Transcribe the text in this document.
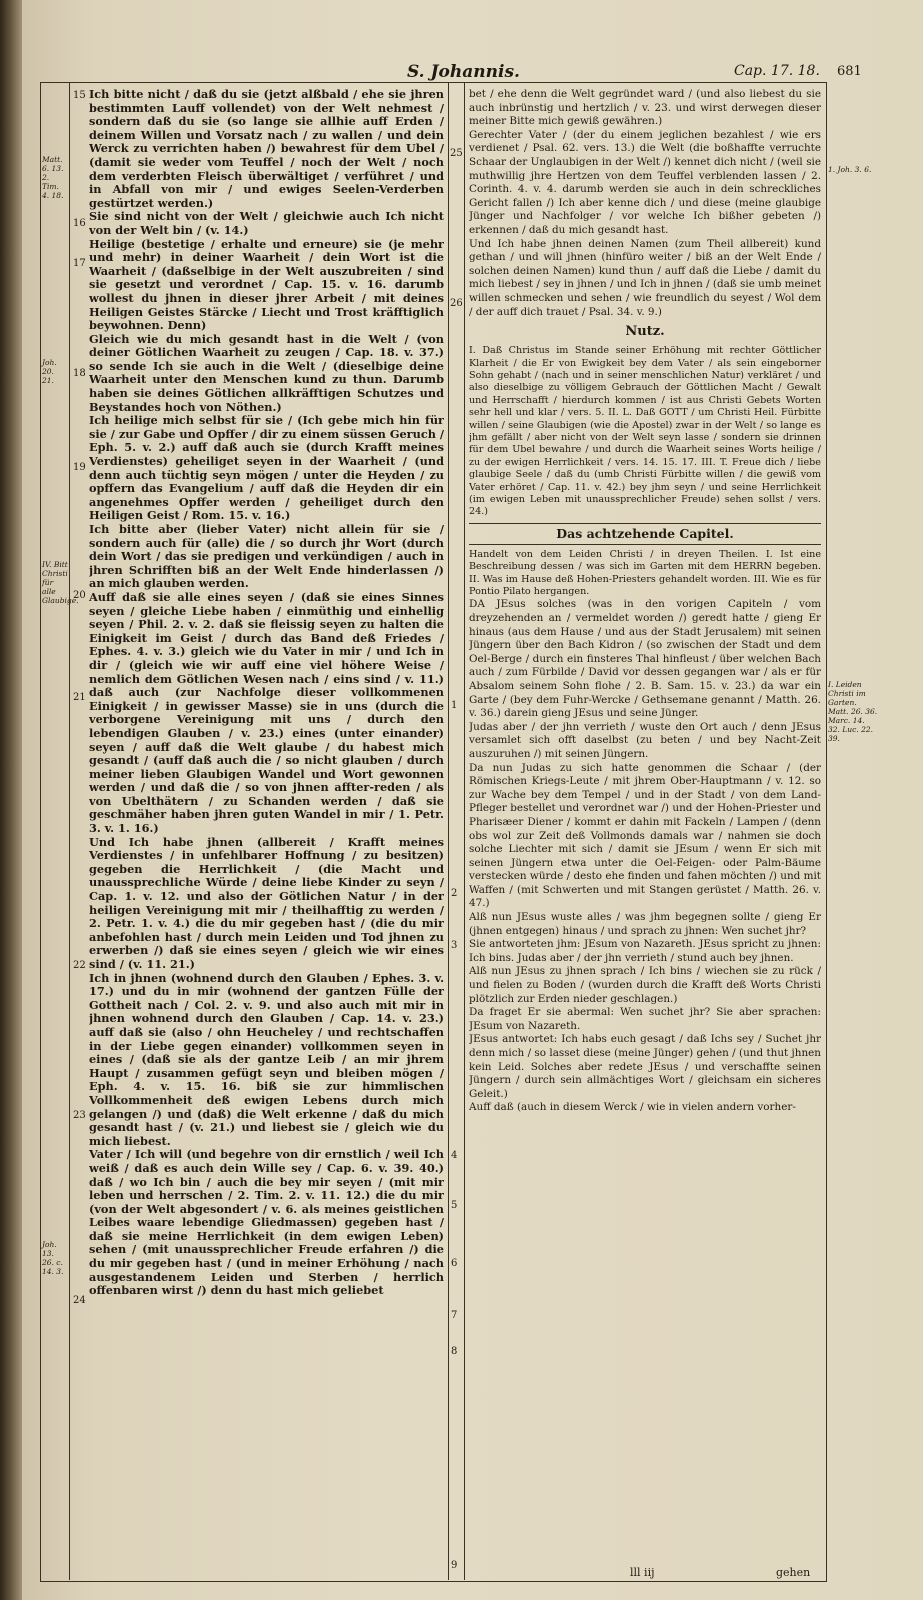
S. Johannis.	Cap. 17. 18. 681
Matt. 6. 13. 2. Tim. 4. 18.
Joh. 20. 21.
IV. Bitt Christi für alle Glaubige.
Joh. 13. 26. c. 14. 3.
15
16
17
18
19
20
21
22
23
24

Ich bitte nicht / daß du sie (jetzt alßbald / ehe sie jhren bestimmten Lauff vollendet) von der Welt nehmest / sondern daß du sie (so lange sie allhie auff Erden / deinem Willen und Vorsatz nach / zu wallen / und dein Werck zu verrichten haben /) bewahrest für dem Ubel / (damit sie weder vom Teuffel / noch der Welt / noch dem verderbten Fleisch überwältiget / verführet / und in Abfall von mir / und ewiges Seelen-Verderben gestürtzet werden.)

Sie sind nicht von der Welt / gleichwie auch Ich nicht von der Welt bin / (v. 14.)

Heilige (bestetige / erhalte und erneure) sie (je mehr und mehr) in deiner Waarheit / dein Wort ist die Waarheit / (daßselbige in der Welt auszubreiten / sind sie gesetzt und verordnet / Cap. 15. v. 16. darumb wollest du jhnen in dieser jhrer Arbeit / mit deines Heiligen Geistes Stärcke / Liecht und Trost kräfftiglich beywohnen. Denn)

Gleich wie du mich gesandt hast in die Welt / (von deiner Götlichen Waarheit zu zeugen / Cap. 18. v. 37.) so sende Ich sie auch in die Welt / (dieselbige deine Waarheit unter den Menschen kund zu thun. Darumb haben sie deines Götlichen allkräfftigen Schutzes und Beystandes hoch von Nöthen.)

Ich heilige mich selbst für sie / (Ich gebe mich hin für sie / zur Gabe und Opffer / dir zu einem süssen Geruch / Eph. 5. v. 2.) auff daß auch sie (durch Krafft meines Verdienstes) geheiliget seyen in der Waarheit / (und denn auch tüchtig seyn mögen / unter die Heyden / zu opffern das Evangelium / auff daß die Heyden dir ein angenehmes Opffer werden / geheiliget durch den Heiligen Geist / Rom. 15. v. 16.)

Ich bitte aber (lieber Vater) nicht allein für sie / sondern auch für (alle) die / so durch jhr Wort (durch dein Wort / das sie predigen und verkündigen / auch in jhren Schrifften biß an der Welt Ende hinderlassen /) an mich glauben werden.

Auff daß sie alle eines seyen / (daß sie eines Sinnes seyen / gleiche Liebe haben / einmüthig und einhellig seyen / Phil. 2. v. 2. daß sie fleissig seyen zu halten die Einigkeit im Geist / durch das Band deß Friedes / Ephes. 4. v. 3.) gleich wie du Vater in mir / und Ich in dir / (gleich wie wir auff eine viel höhere Weise / nemlich dem Götlichen Wesen nach / eins sind / v. 11.) daß auch (zur Nachfolge dieser vollkommenen Einigkeit / in gewisser Masse) sie in uns (durch die verborgene Vereinigung mit uns / durch den lebendigen Glauben / v. 23.) eines (unter einander) seyen / auff daß die Welt glaube / du habest mich gesandt / (auff daß auch die / so nicht glauben / durch meiner lieben Glaubigen Wandel und Wort gewonnen werden / und daß die / so von jhnen affter-reden / als von Ubelthätern / zu Schanden werden / daß sie geschmäher haben jhren guten Wandel in mir / 1. Petr. 3. v. 1. 16.)

Und Ich habe jhnen (allbereit / Krafft meines Verdienstes / in unfehlbarer Hoffnung / zu besitzen) gegeben die Herrlichkeit / (die Macht und unaussprechliche Würde / deine liebe Kinder zu seyn / Cap. 1. v. 12. und also der Götlichen Natur / in der heiligen Vereinigung mit mir / theilhafftig zu werden / 2. Petr. 1. v. 4.) die du mir gegeben hast / (die du mir anbefohlen hast / durch mein Leiden und Tod jhnen zu erwerben /) daß sie eines seyen / gleich wie wir eines sind / (v. 11. 21.)

Ich in jhnen (wohnend durch den Glauben / Ephes. 3. v. 17.) und du in mir (wohnend der gantzen Fülle der Gottheit nach / Col. 2. v. 9. und also auch mit mir in jhnen wohnend durch den Glauben / Cap. 14. v. 23.) auff daß sie (also / ohn Heucheley / und rechtschaffen in der Liebe gegen einander) vollkommen seyen in eines / (daß sie als der gantze Leib / an mir jhrem Haupt / zusammen gefügt seyn und bleiben mögen / Eph. 4. v. 15. 16. biß sie zur himmlischen Vollkommenheit deß ewigen Lebens durch mich gelangen /) und (daß) die Welt erkenne / daß du mich gesandt hast / (v. 21.) und liebest sie / gleich wie du mich liebest.

Vater / Ich will (und begehre von dir ernstlich / weil Ich weiß / daß es auch dein Wille sey / Cap. 6. v. 39. 40.) daß / wo Ich bin / auch die bey mir seyen / (mit mir leben und herrschen / 2. Tim. 2. v. 11. 12.) die du mir (von der Welt abgesondert / v. 6. als meines geistlichen Leibes waare lebendige Gliedmassen) gegeben hast / daß sie meine Herrlichkeit (in dem ewigen Leben) sehen / (mit unaussprechlicher Freude erfahren /) die du mir gegeben hast / (und in meiner Erhöhung / nach ausgestandenem Leiden und Sterben / herrlich offenbaren wirst /) denn du hast mich geliebet

25
26
1
2
3
4
5
6
7
8
9

bet / ehe denn die Welt gegründet ward / (und also liebest du sie auch inbrünstig und hertzlich / v. 23. und wirst derwegen dieser meiner Bitte mich gewiß gewähren.)

Gerechter Vater / (der du einem jeglichen bezahlest / wie ers verdienet / Psal. 62. vers. 13.) die Welt (die boßhaffte verruchte Schaar der Unglaubigen in der Welt /) kennet dich nicht / (weil sie muthwillig jhre Hertzen von dem Teuffel verblenden lassen / 2. Corinth. 4. v. 4. darumb werden sie auch in dein schreckliches Gericht fallen /) Ich aber kenne dich / und diese (meine glaubige Jünger und Nachfolger / vor welche Ich bißher gebeten /) erkennen / daß du mich gesandt hast.

Und Ich habe jhnen deinen Namen (zum Theil allbereit) kund gethan / und will jhnen (hinfüro weiter / biß an der Welt Ende / solchen deinen Namen) kund thun / auff daß die Liebe / damit du mich liebest / sey in jhnen / und Ich in jhnen / (daß sie umb meinet willen schmecken und sehen / wie freundlich du seyest / Wol dem / der auff dich trauet / Psal. 34. v. 9.)

Nutz.

I. Daß Christus im Stande seiner Erhöhung mit rechter Göttlicher Klarheit / die Er von Ewigkeit bey dem Vater / als sein eingeborner Sohn gehabt / (nach und in seiner menschlichen Natur) verkläret / und also dieselbige zu völligem Gebrauch der Göttlichen Macht / Gewalt und Herrschafft / hierdurch kommen / ist aus Christi Gebets Worten sehr hell und klar / vers. 5. II. L. Daß GOTT / um Christi Heil. Fürbitte willen / seine Glaubigen (wie die Apostel) zwar in der Welt / so lange es jhm gefällt / aber nicht von der Welt seyn lasse / sondern sie drinnen für dem Ubel bewahre / und durch die Waarheit seines Worts heilige / zu der ewigen Herrlichkeit / vers. 14. 15. 17. III. T. Freue dich / liebe glaubige Seele / daß du (umb Christi Fürbitte willen / die gewiß vom Vater erhöret / Cap. 11. v. 42.) bey jhm seyn / und seine Herrlichkeit (im ewigen Leben mit unaussprechlicher Freude) sehen sollst / vers. 24.)

Das achtzehende Capitel.

Handelt von dem Leiden Christi / in dreyen Theilen. I. Ist eine Beschreibung dessen / was sich im Garten mit dem HERRN begeben. II. Was im Hause deß Hohen-Priesters gehandelt worden. III. Wie es für Pontio Pilato hergangen.

DA JEsus solches (was in den vorigen Capiteln / vom dreyzehenden an / vermeldet worden /) geredt hatte / gieng Er hinaus (aus dem Hause / und aus der Stadt Jerusalem) mit seinen Jüngern über den Bach Kidron / (so zwischen der Stadt und dem Oel-Berge / durch ein finsteres Thal hinfleust / über welchen Bach auch / zum Fürbilde / David vor dessen gegangen war / als er für Absalom seinem Sohn flohe / 2. B. Sam. 15. v. 23.) da war ein Garte / (bey dem Fuhr-Wercke / Gethsemane genannt / Matth. 26. v. 36.) darein gieng JEsus und seine Jünger.

Judas aber / der jhn verrieth / wuste den Ort auch / denn JEsus versamlet sich offt daselbst (zu beten / und bey Nacht-Zeit auszuruhen /) mit seinen Jüngern.

Da nun Judas zu sich hatte genommen die Schaar / (der Römischen Kriegs-Leute / mit jhrem Ober-Hauptmann / v. 12. so zur Wache bey dem Tempel / und in der Stadt / von dem Land-Pfleger bestellet und verordnet war /) und der Hohen-Priester und Pharisæer Diener / kommt er dahin mit Fackeln / Lampen / (denn obs wol zur Zeit deß Vollmonds damals war / nahmen sie doch solche Liechter mit sich / damit sie JEsum / wenn Er sich mit seinen Jüngern etwa unter die Oel-Feigen- oder Palm-Bäume verstecken würde / desto ehe finden und fahen möchten /) und mit Waffen / (mit Schwerten und mit Stangen gerüstet / Matth. 26. v. 47.)

Alß nun JEsus wuste alles / was jhm begegnen sollte / gieng Er (jhnen entgegen) hinaus / und sprach zu jhnen: Wen suchet jhr?

Sie antworteten jhm: JEsum von Nazareth. JEsus spricht zu jhnen: Ich bins. Judas aber / der jhn verrieth / stund auch bey jhnen.

Alß nun JEsus zu jhnen sprach / Ich bins / wiechen sie zu rück / und fielen zu Boden / (wurden durch die Krafft deß Worts Christi plötzlich zur Erden nieder geschlagen.)

Da fraget Er sie abermal: Wen suchet jhr? Sie aber sprachen: JEsum von Nazareth.

JEsus antwortet: Ich habs euch gesagt / daß Ichs sey / Suchet jhr denn mich / so lasset diese (meine Jünger) gehen / (und thut jhnen kein Leid. Solches aber redete JEsus / und verschaffte seinen Jüngern / durch sein allmächtiges Wort / gleichsam ein sicheres Geleit.)

Auff daß (auch in diesem Werck / wie in vielen andern vorher-

1. Joh. 3. 6.
I. Leiden Christi im Garten. Matt. 26. 36. Marc. 14. 32. Luc. 22. 39.
lll iij	gehen
